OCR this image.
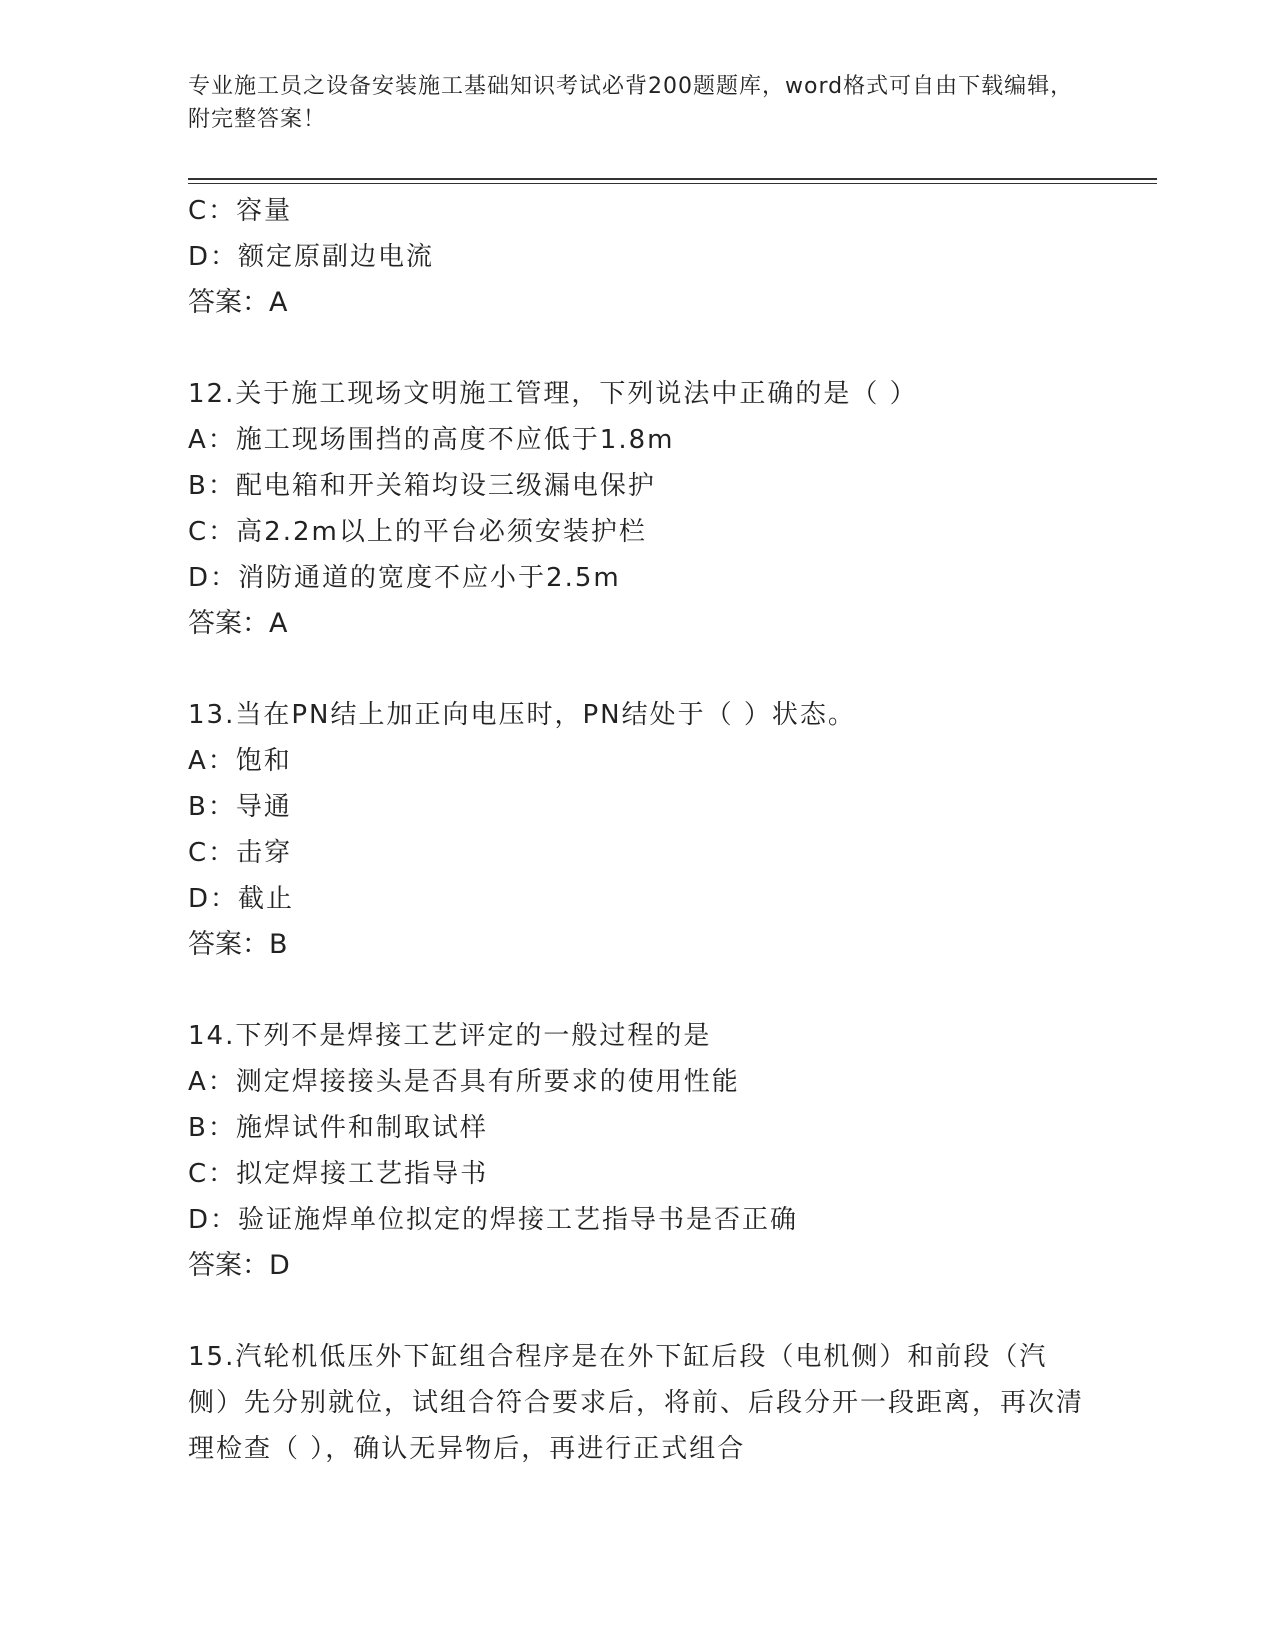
专业施工员之设备安装施工基础知识考试必背200题题库，word格式可自由下载编辑，附完整答案！
C：容量
D：额定原副边电流
答案：A
12.关于施工现场文明施工管理，下列说法中正确的是（ ）
A：施工现场围挡的高度不应低于1.8m
B：配电箱和开关箱均设三级漏电保护
C：高2.2m以上的平台必须安装护栏
D：消防通道的宽度不应小于2.5m
答案：A
13.当在PN结上加正向电压时，PN结处于（ ）状态。
A：饱和
B：导通
C：击穿
D：截止
答案：B
14.下列不是焊接工艺评定的一般过程的是
A：测定焊接接头是否具有所要求的使用性能
B：施焊试件和制取试样
C：拟定焊接工艺指导书
D：验证施焊单位拟定的焊接工艺指导书是否正确
答案：D
15.汽轮机低压外下缸组合程序是在外下缸后段（电机侧）和前段（汽侧）先分别就位，试组合符合要求后，将前、后段分开一段距离，再次清理检查（ ），确认无异物后，再进行正式组合
